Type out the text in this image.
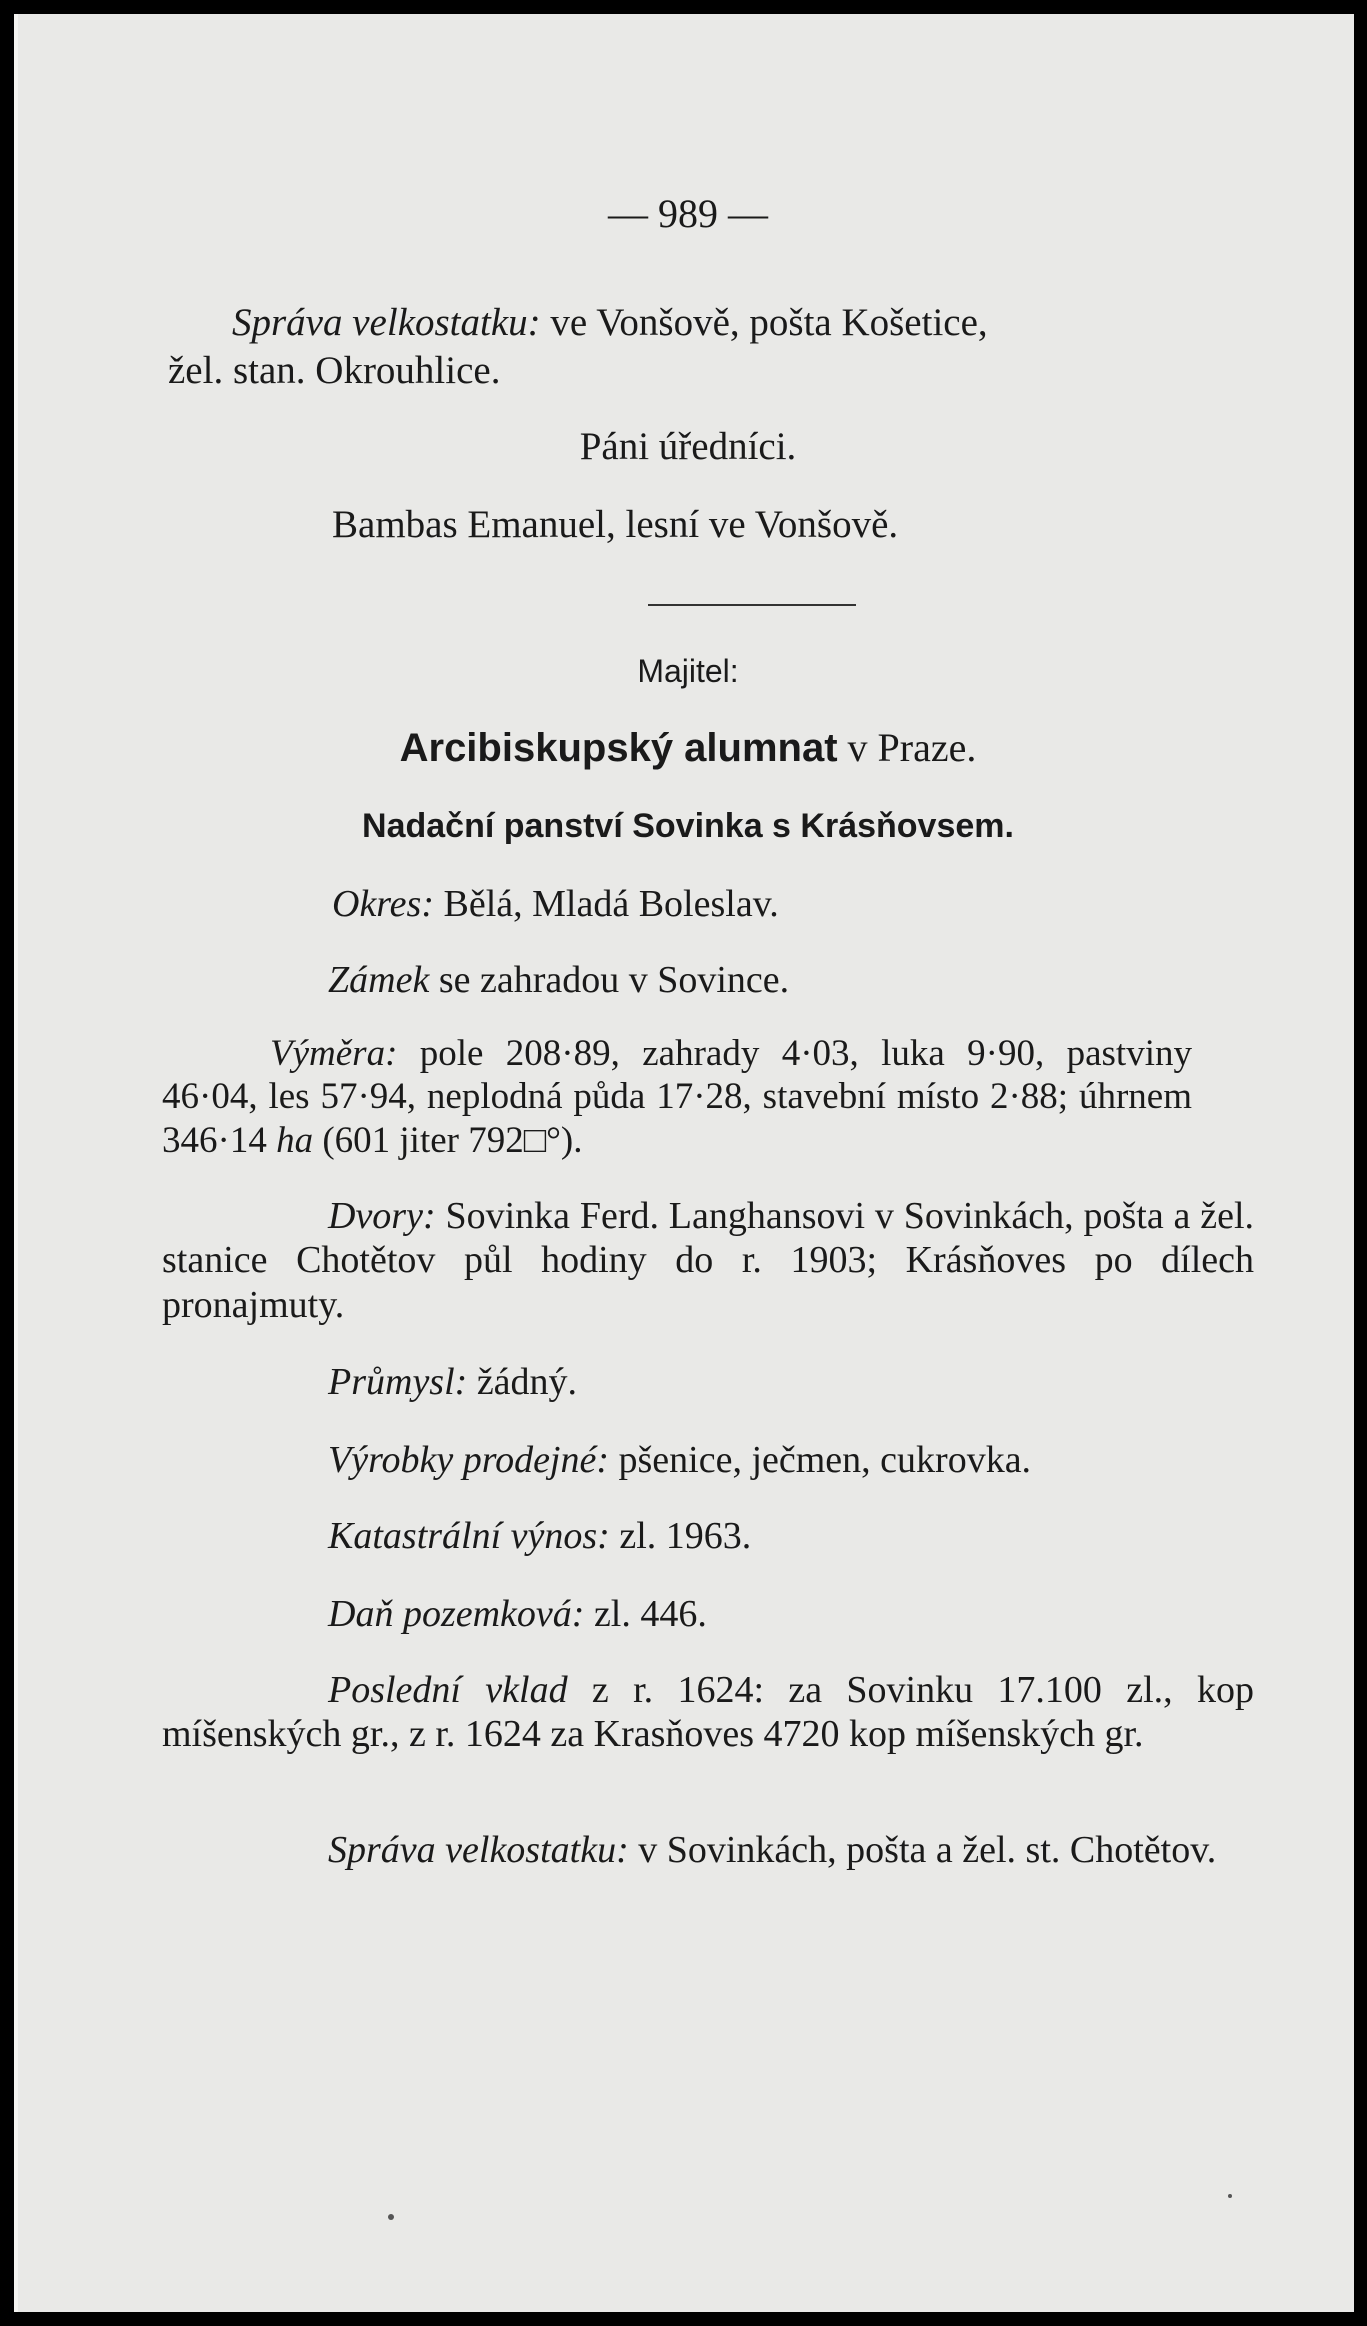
— 989 —
Správa velkostatku: ve Vonšově, pošta Košetice,
žel. stan. Okrouhlice.
Páni úředníci.
Bambas Emanuel, lesní ve Vonšově.
Majitel:
Arcibiskupský alumnat v Praze.
Nadační panství Sovinka s Krásňovsem.
Okres: Bělá, Mladá Boleslav.
Zámek se zahradou v Sovince.
Výměra: pole 208·89, zahrady 4·03, luka 9·90, pastviny 46·04, les 57·94, neplodná půda 17·28, stavební místo 2·88; úhrnem 346·14 ha (601 jiter 792□°).
Dvory: Sovinka Ferd. Langhansovi v Sovinkách, pošta a žel. stanice Chotětov půl hodiny do r. 1903; Krásňoves po dílech pronajmuty.
Průmysl: žádný.
Výrobky prodejné: pšenice, ječmen, cukrovka.
Katastrální výnos: zl. 1963.
Daň pozemková: zl. 446.
Poslední vklad z r. 1624: za Sovinku 17.100 zl., kop míšenských gr., z r. 1624 za Krasňoves 4720 kop míšenských gr.
Správa velkostatku: v Sovinkách, pošta a žel. st. Chotětov.
